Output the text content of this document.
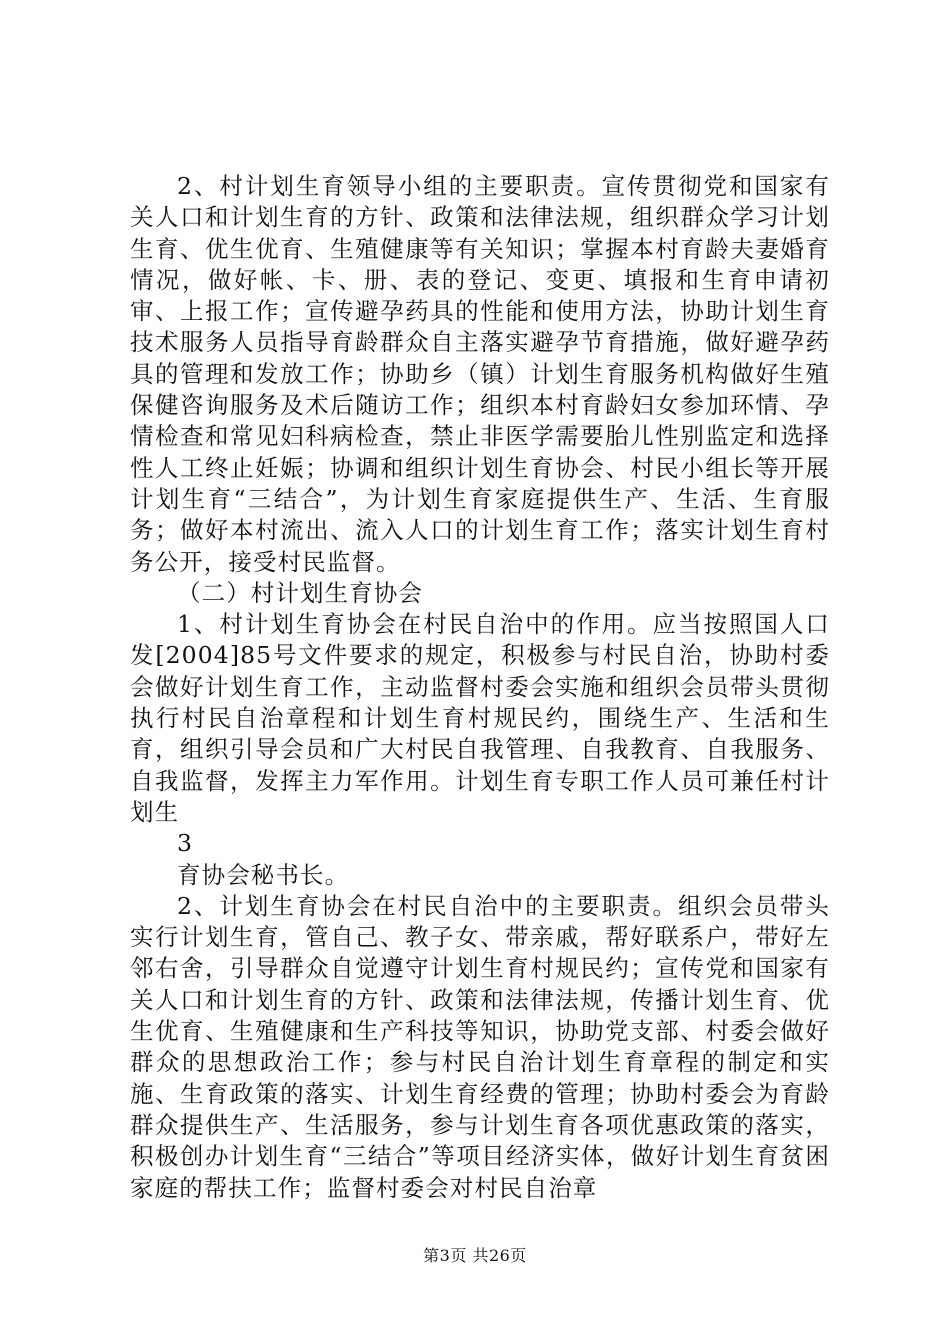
2、村计划生育领导小组的主要职责。宣传贯彻党和国家有关人口和计划生育的方针、政策和法律法规，组织群众学习计划生育、优生优育、生殖健康等有关知识；掌握本村育龄夫妻婚育情况，做好帐、卡、册、表的登记、变更、填报和生育申请初审、上报工作；宣传避孕药具的性能和使用方法，协助计划生育技术服务人员指导育龄群众自主落实避孕节育措施，做好避孕药具的管理和发放工作；协助乡（镇）计划生育服务机构做好生殖保健咨询服务及术后随访工作；组织本村育龄妇女参加环情、孕情检查和常见妇科病检查，禁止非医学需要胎儿性别监定和选择性人工终止妊娠；协调和组织计划生育协会、村民小组长等开展计划生育“三结合”，为计划生育家庭提供生产、生活、生育服务；做好本村流出、流入人口的计划生育工作；落实计划生育村务公开，接受村民监督。

（二）村计划生育协会

1、村计划生育协会在村民自治中的作用。应当按照国人口发[2004]85号文件要求的规定，积极参与村民自治，协助村委会做好计划生育工作，主动监督村委会实施和组织会员带头贯彻执行村民自治章程和计划生育村规民约，围绕生产、生活和生育，组织引导会员和广大村民自我管理、自我教育、自我服务、自我监督，发挥主力军作用。计划生育专职工作人员可兼任村计划生

3

育协会秘书长。

2、计划生育协会在村民自治中的主要职责。组织会员带头实行计划生育，管自己、教子女、带亲戚，帮好联系户，带好左邻右舍，引导群众自觉遵守计划生育村规民约；宣传党和国家有关人口和计划生育的方针、政策和法律法规，传播计划生育、优生优育、生殖健康和生产科技等知识，协助党支部、村委会做好群众的思想政治工作；参与村民自治计划生育章程的制定和实施、生育政策的落实、计划生育经费的管理；协助村委会为育龄群众提供生产、生活服务，参与计划生育各项优惠政策的落实，积极创办计划生育“三结合”等项目经济实体，做好计划生育贫困家庭的帮扶工作；监督村委会对村民自治章

第3页 共26页
